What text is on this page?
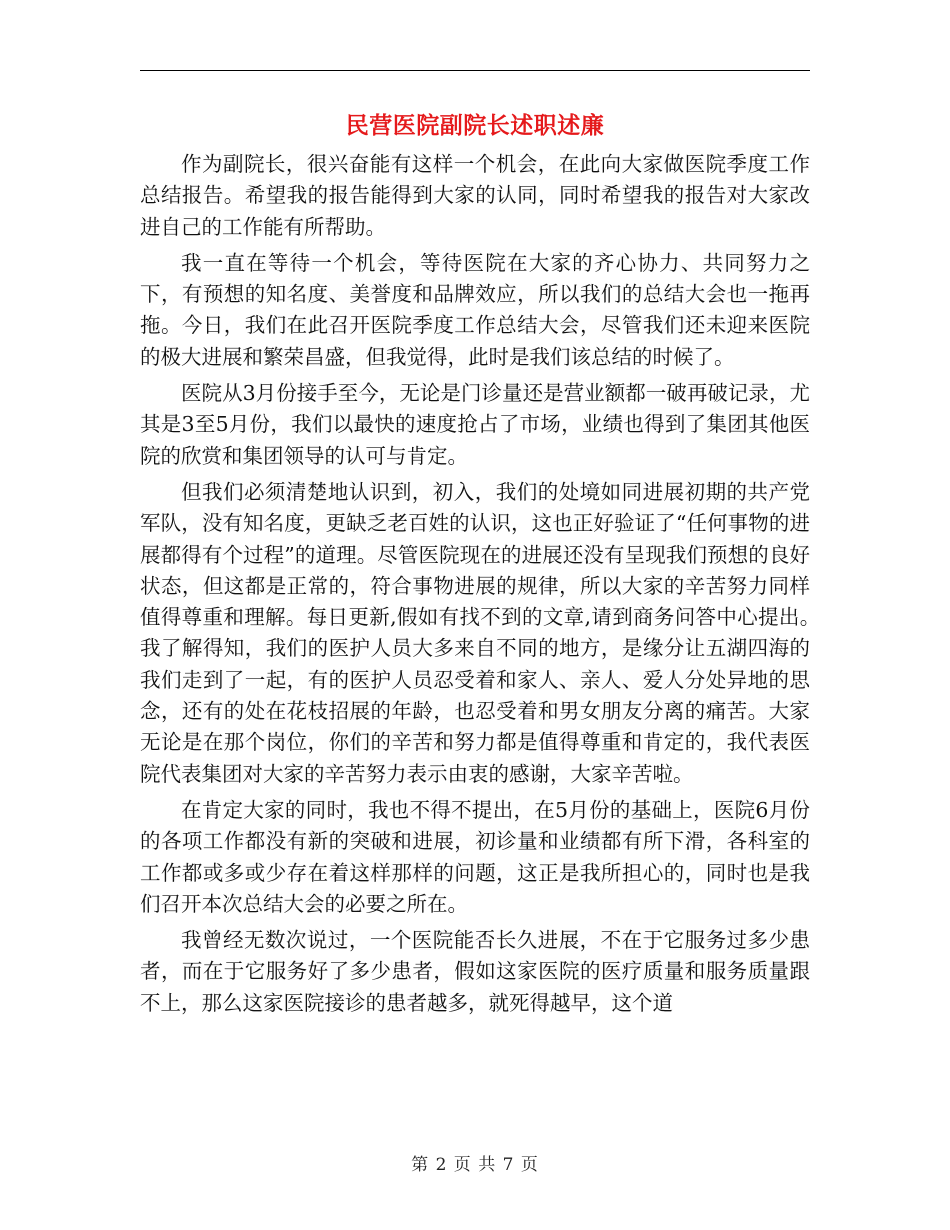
民营医院副院长述职述廉

作为副院长，很兴奋能有这样一个机会，在此向大家做医院季度工作总结报告。希望我的报告能得到大家的认同，同时希望我的报告对大家改进自己的工作能有所帮助。

我一直在等待一个机会，等待医院在大家的齐心协力、共同努力之下，有预想的知名度、美誉度和品牌效应，所以我们的总结大会也一拖再拖。今日，我们在此召开医院季度工作总结大会，尽管我们还未迎来医院的极大进展和繁荣昌盛，但我觉得，此时是我们该总结的时候了。

医院从3月份接手至今，无论是门诊量还是营业额都一破再破记录，尤其是3至5月份，我们以最快的速度抢占了市场，业绩也得到了集团其他医院的欣赏和集团领导的认可与肯定。

但我们必须清楚地认识到，初入，我们的处境如同进展初期的共产党军队，没有知名度，更缺乏老百姓的认识，这也正好验证了“任何事物的进展都得有个过程”的道理。尽管医院现在的进展还没有呈现我们预想的良好状态，但这都是正常的，符合事物进展的规律，所以大家的辛苦努力同样值得尊重和理解。每日更新,假如有找不到的文章,请到商务问答中心提出。　　我了解得知，我们的医护人员大多来自不同的地方，是缘分让五湖四海的我们走到了一起，有的医护人员忍受着和家人、亲人、爱人分处异地的思念，还有的处在花枝招展的年龄，也忍受着和男女朋友分离的痛苦。大家无论是在那个岗位，你们的辛苦和努力都是值得尊重和肯定的，我代表医院代表集团对大家的辛苦努力表示由衷的感谢，大家辛苦啦。

在肯定大家的同时，我也不得不提出，在5月份的基础上，医院6月份的各项工作都没有新的突破和进展，初诊量和业绩都有所下滑，各科室的工作都或多或少存在着这样那样的问题，这正是我所担心的，同时也是我们召开本次总结大会的必要之所在。

我曾经无数次说过，一个医院能否长久进展，不在于它服务过多少患者，而在于它服务好了多少患者，假如这家医院的医疗质量和服务质量跟不上，那么这家医院接诊的患者越多，就死得越早，这个道

第 2 页 共 7 页
